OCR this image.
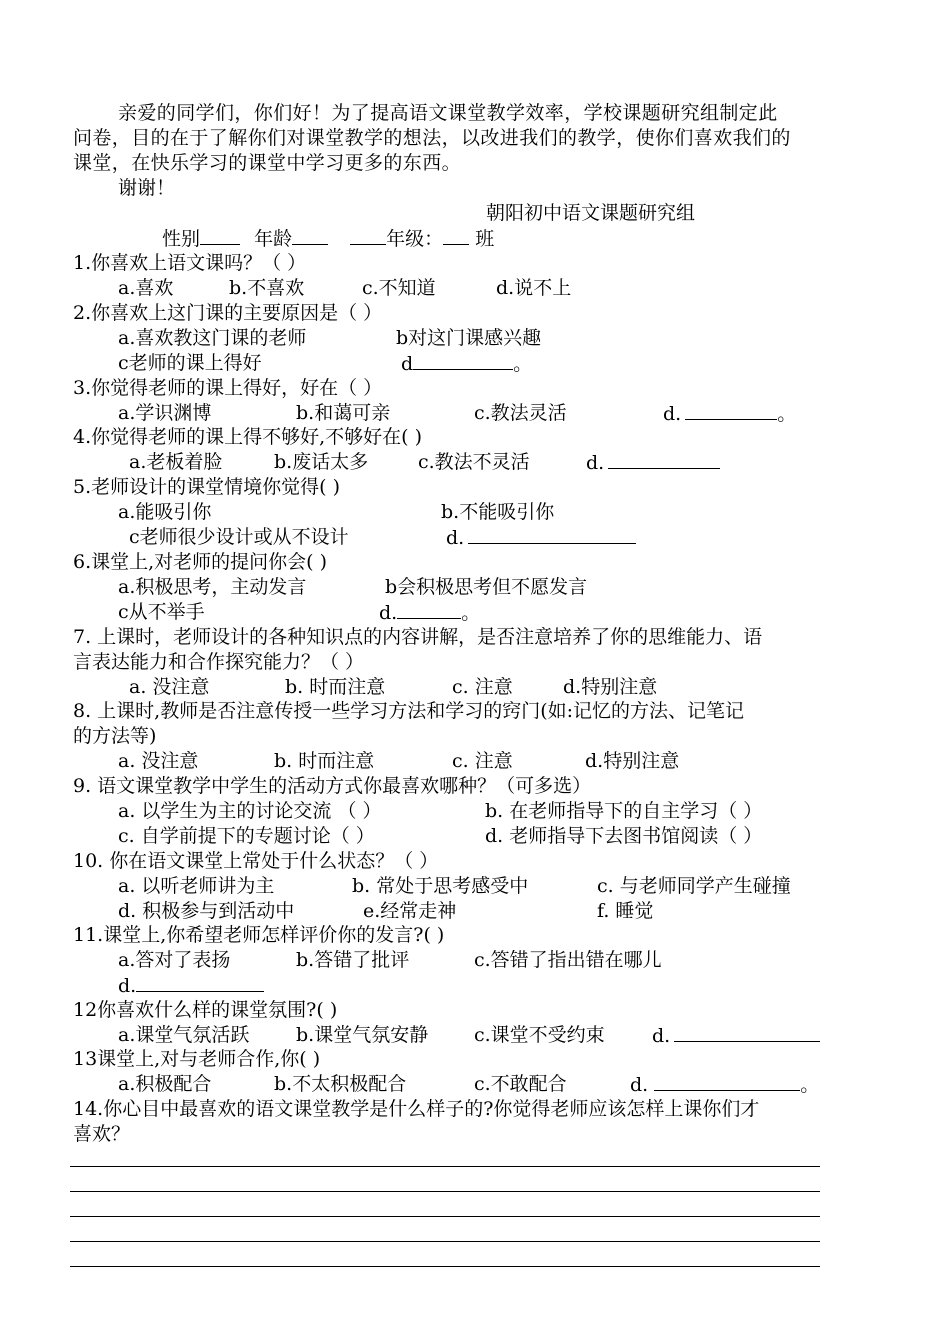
亲爱的同学们，你们好！为了提高语文课堂教学效率，学校课题研究组制定此
问卷，目的在于了解你们对课堂教学的想法，以改进我们的教学，使你们喜欢我们的
课堂，在快乐学习的课堂中学习更多的东西。
谢谢！
朝阳初中语文课题研究组
性别	年龄	年级： 班
1.你喜欢上语文课吗？（ ）
a.喜欢	b.不喜欢	c.不知道	d.说不上
2.你喜欢上这门课的主要原因是（ ）
a.喜欢教这门课的老师	b对这门课感兴趣
c老师的课上得好	d	。
3.你觉得老师的课上得好，好在（ ）
a.学识渊博	b.和蔼可亲	c.教法灵活	d.	。
4.你觉得老师的课上得不够好,不够好在( )
a.老板着脸	b.废话太多	c.教法不灵活	d.
5.老师设计的课堂情境你觉得( )
a.能吸引你	b.不能吸引你
c老师很少设计或从不设计	d.
6.课堂上,对老师的提问你会( )
a.积极思考，主动发言	b会积极思考但不愿发言
c从不举手	d.	。
7. 上课时，老师设计的各种知识点的内容讲解，是否注意培养了你的思维能力、语
言表达能力和合作探究能力？（ ）
a. 没注意	b. 时而注意	c. 注意	d.特别注意
8. 上课时,教师是否注意传授一些学习方法和学习的窍门(如:记忆的方法、记笔记
的方法等)
a. 没注意	b. 时而注意	c. 注意	d.特别注意
9. 语文课堂教学中学生的活动方式你最喜欢哪种？（可多选）
a. 以学生为主的讨论交流 （ ）	b. 在老师指导下的自主学习（ ）
c. 自学前提下的专题讨论（ ）	d. 老师指导下去图书馆阅读（ ）
10. 你在语文课堂上常处于什么状态？（ ）
a. 以听老师讲为主	b. 常处于思考感受中	c. 与老师同学产生碰撞
d. 积极参与到活动中	e.经常走神	f. 睡觉
11.课堂上,你希望老师怎样评价你的发言?( )
a.答对了表扬	b.答错了批评	c.答错了指出错在哪儿
d.
12你喜欢什么样的课堂氛围?( )
a.课堂气氛活跃 b.课堂气氛安静 c.课堂不受约束 d.
13课堂上,对与老师合作,你( )
a.积极配合	b.不太积极配合	c.不敢配合	d.	。
14.你心目中最喜欢的语文课堂教学是什么样子的?你觉得老师应该怎样上课你们才
喜欢？
